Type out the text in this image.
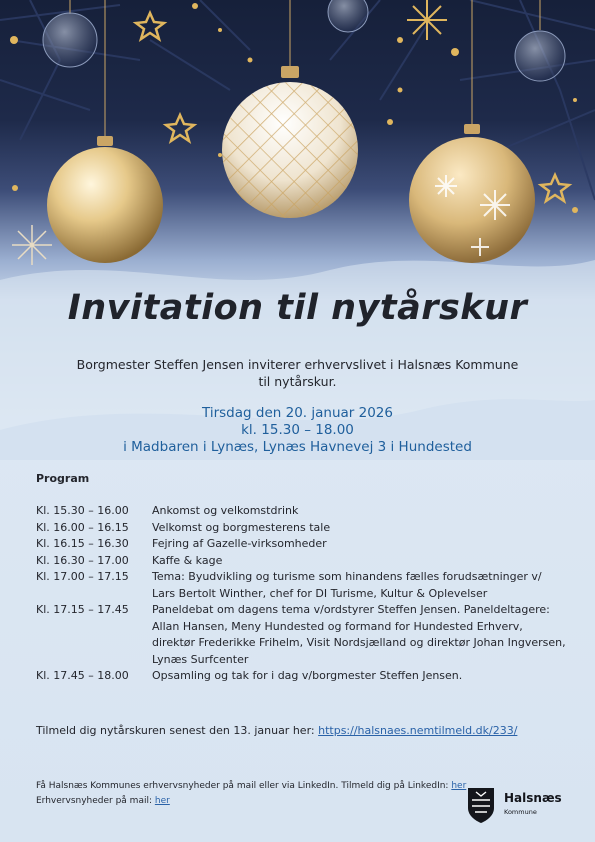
Invitation til nytårskur
Borgmester Steffen Jensen inviterer erhvervslivet i Halsnæs Kommune
til nytårskur.
Tirsdag den 20. januar 2026
kl. 15.30 – 18.00
i Madbaren i Lynæs, Lynæs Havnevej 3 i Hundested
Program
Kl. 15.30 – 16.00	Ankomst og velkomstdrink
Kl. 16.00 – 16.15	Velkomst og borgmesterens tale
Kl. 16.15 – 16.30	Fejring af Gazelle-virksomheder
Kl. 16.30 – 17.00	Kaffe & kage
Kl. 17.00 – 17.15	Tema: Byudvikling og turisme som hinandens fælles forudsætninger v/ Lars Bertolt Winther, chef for DI Turisme, Kultur & Oplevelser
Kl. 17.15 – 17.45	Paneldebat om dagens tema v/ordstyrer Steffen Jensen. Paneldeltagere: Allan Hansen, Meny Hundested og formand for Hundested Erhverv, direktør Frederikke Frihelm, Visit Nordsjælland og direktør Johan Ingversen, Lynæs Surfcenter
Kl. 17.45 – 18.00	Opsamling og tak for i dag v/borgmester Steffen Jensen.
Tilmeld dig nytårskuren senest den 13. januar her: https://halsnaes.nemtilmeld.dk/233/
Få Halsnæs Kommunes erhvervsnyheder på mail eller via LinkedIn. Tilmeld dig på LinkedIn: her
Erhvervsnyheder på mail: her	Halsnæs
Kommune
